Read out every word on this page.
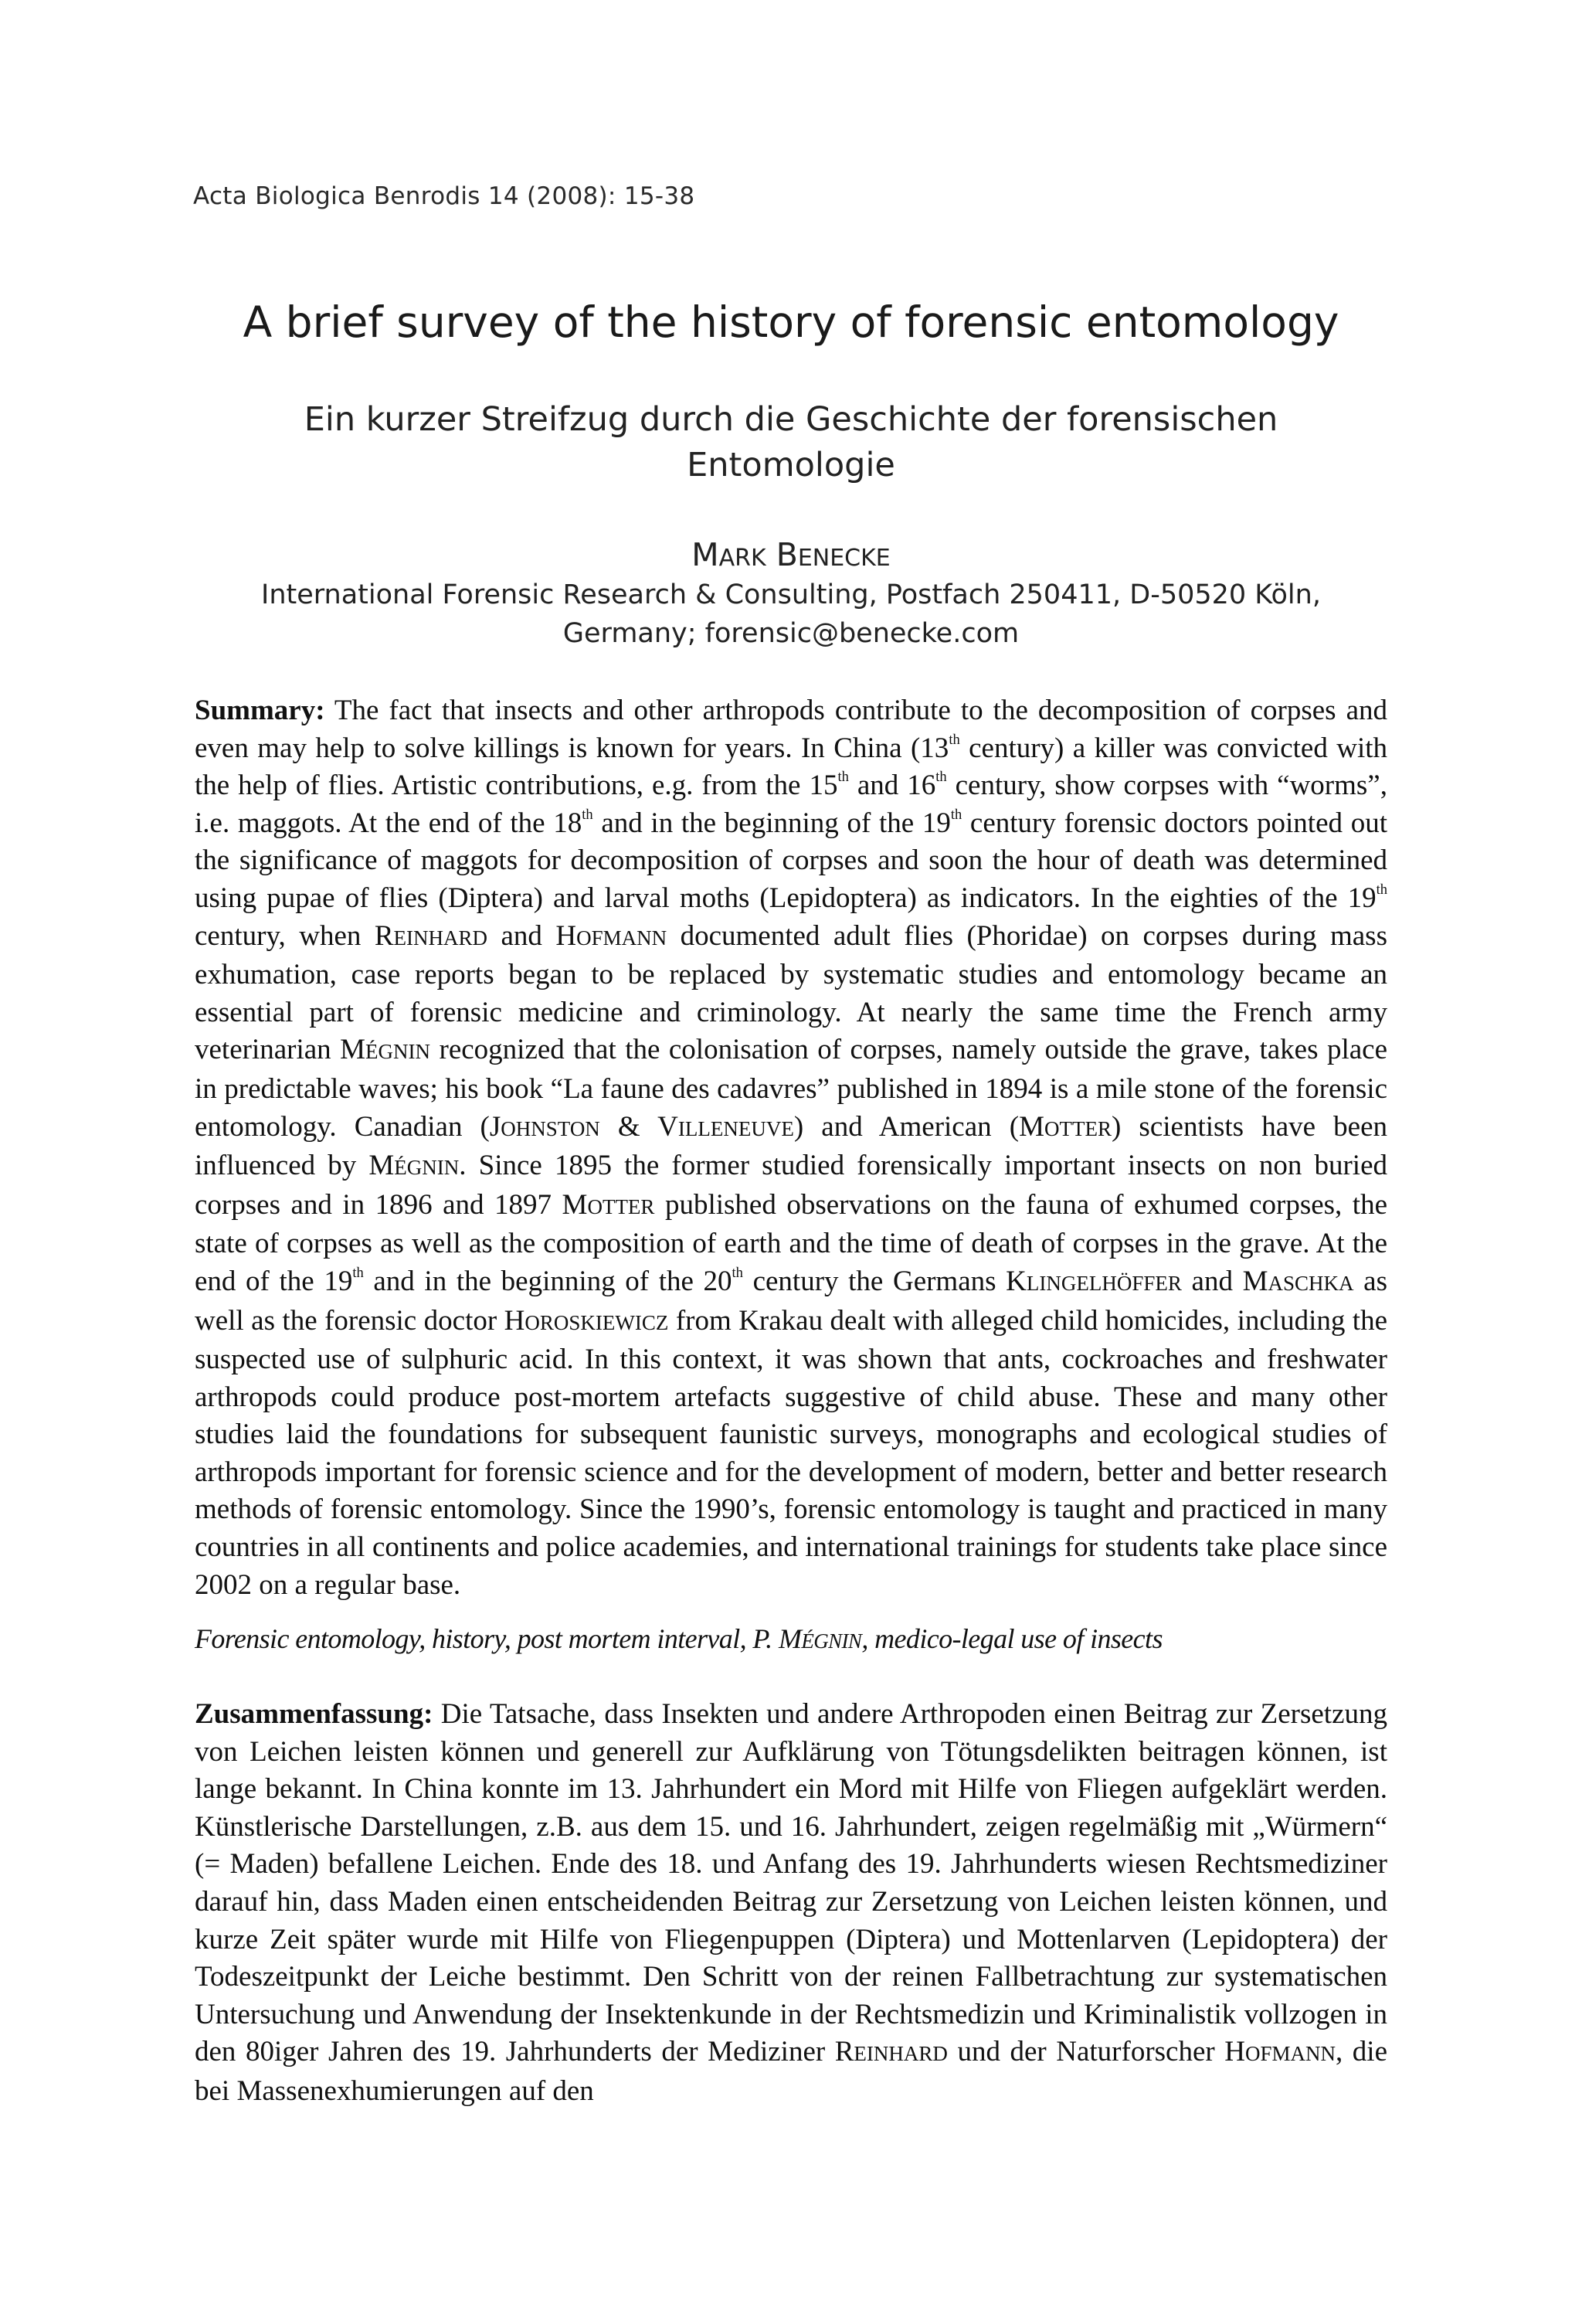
Acta Biologica Benrodis 14 (2008): 15-38
A brief survey of the history of forensic entomology
Ein kurzer Streifzug durch die Geschichte der forensischen
Entomologie
MARK BENECKE
International Forensic Research & Consulting, Postfach 250411, D-50520 Köln,
Germany; forensic@benecke.com
Summary: The fact that insects and other arthropods contribute to the decomposition of corpses and even may help to solve killings is known for years. In China (13th century) a killer was convicted with the help of flies. Artistic contributions, e.g. from the 15th and 16th century, show corpses with “worms”, i.e. maggots. At the end of the 18th and in the beginning of the 19th century forensic doctors pointed out the significance of maggots for decomposition of corpses and soon the hour of death was determined using pupae of flies (Diptera) and larval moths (Lepidoptera) as indicators. In the eighties of the 19th century, when REINHARD and HOFMANN documented adult flies (Phoridae) on corpses during mass exhumation, case reports began to be replaced by systematic studies and entomology became an essential part of forensic medicine and criminology. At nearly the same time the French army veterinarian MÉGNIN recognized that the colonisation of corpses, namely outside the grave, takes place in predictable waves; his book “La faune des cadavres” published in 1894 is a mile stone of the forensic entomology. Canadian (JOHNSTON & VILLENEUVE) and American (MOTTER) scientists have been influenced by MÉGNIN. Since 1895 the former studied forensically important insects on non buried corpses and in 1896 and 1897 MOTTER published observations on the fauna of exhumed corpses, the state of corpses as well as the composition of earth and the time of death of corpses in the grave. At the end of the 19th and in the beginning of the 20th century the Germans KLINGELHÖFFER and MASCHKA as well as the forensic doctor HOROSKIEWICZ from Krakau dealt with alleged child homicides, including the suspected use of sulphuric acid. In this context, it was shown that ants, cockroaches and freshwater arthropods could produce post-mortem artefacts suggestive of child abuse. These and many other studies laid the foundations for subsequent faunistic surveys, monographs and ecological studies of arthropods important for forensic science and for the development of modern, better and better research methods of forensic entomology. Since the 1990’s, forensic entomology is taught and practiced in many countries in all continents and police academies, and international trainings for students take place since 2002 on a regular base.
Forensic entomology, history, post mortem interval, P. MÉGNIN, medico-legal use of insects
Zusammenfassung: Die Tatsache, dass Insekten und andere Arthropoden einen Beitrag zur Zersetzung von Leichen leisten können und generell zur Aufklärung von Tötungsdelikten beitragen können, ist lange bekannt. In China konnte im 13. Jahrhundert ein Mord mit Hilfe von Fliegen aufgeklärt werden. Künstlerische Darstellungen, z.B. aus dem 15. und 16. Jahrhundert, zeigen regelmäßig mit „Würmern“ (= Maden) befallene Leichen. Ende des 18. und Anfang des 19. Jahrhunderts wiesen Rechtsmediziner darauf hin, dass Maden einen entscheidenden Beitrag zur Zersetzung von Leichen leisten können, und kurze Zeit später wurde mit Hilfe von Fliegenpuppen (Diptera) und Mottenlarven (Lepidoptera) der Todeszeitpunkt der Leiche bestimmt. Den Schritt von der reinen Fallbetrachtung zur systematischen Untersuchung und Anwendung der Insektenkunde in der Rechtsmedizin und Kriminalistik vollzogen in den 80iger Jahren des 19. Jahrhunderts der Mediziner REINHARD und der Naturforscher HOFMANN, die bei Massenexhumierungen auf den
